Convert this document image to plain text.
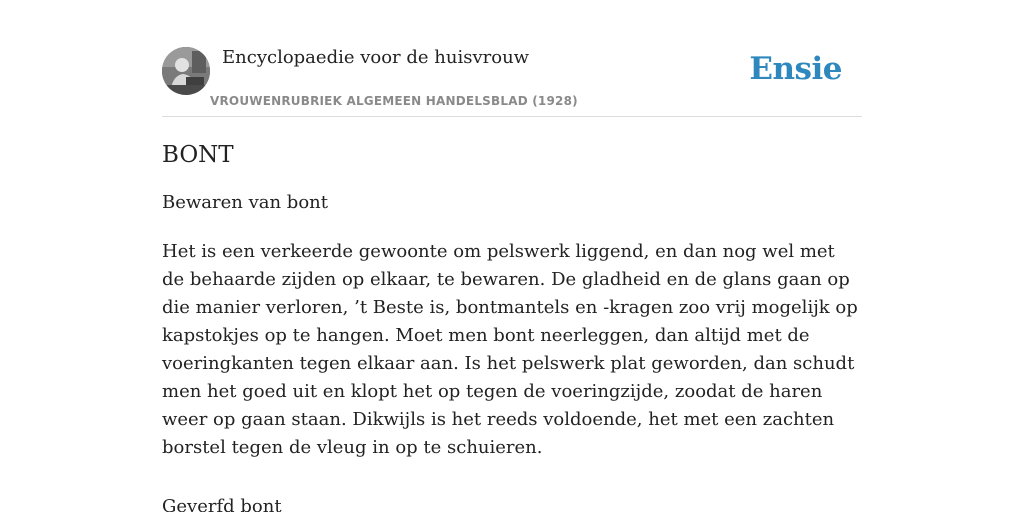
Encyclopaedie voor de huisvrouw
VROUWENRUBRIEK ALGEMEEN HANDELSBLAD (1928)
Ensie
BONT
Bewaren van bont

Het is een verkeerde gewoonte om pelswerk liggend, en dan nog wel met de behaarde zijden op elkaar, te bewaren. De gladheid en de glans gaan op die manier verloren, ’t Beste is, bontmantels en -kragen zoo vrij mogelijk op kapstokjes op te hangen. Moet men bont neerleggen, dan altijd met de voeringkanten tegen elkaar aan. Is het pelswerk plat geworden, dan schudt men het goed uit en klopt het op tegen de voeringzijde, zoodat de haren weer op gaan staan. Dikwijls is het reeds voldoende, het met een zachten borstel tegen de vleug in op te schuieren.

Geverfd bont
